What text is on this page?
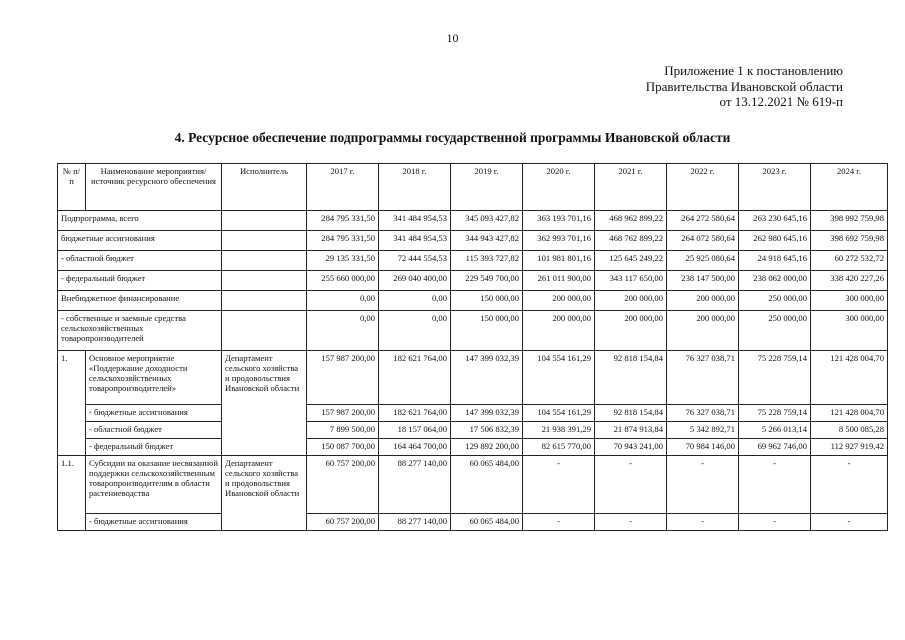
10
Приложение 1 к постановлению
Правительства Ивановской области
от 13.12.2021 № 619-п
4. Ресурсное обеспечение подпрограммы государственной программы Ивановской области
№ п/п	Наименование мероприятия/источник ресурсного обеспечения	Исполнитель	2017 г.	2018 г.	2019 г.	2020 г.	2021 г.	2022 г.	2023 г.	2024 г.
Подпрограмма, всего			284 795 331,50	341 484 954,53	345 093 427,82	363 193 701,16	468 962 899,22	264 272 580,64	263 230 645,16	398 992 759,98
бюджетные ассигнования			284 795 331,50	341 484 954,53	344 943 427,82	362 993 701,16	468 762 899,22	264 072 580,64	262 980 645,16	398 692 759,98
- областной бюджет			29 135 331,50	72 444 554,53	115 393 727,82	101 981 801,16	125 645 249,22	25 925 080,64	24 918 645,16	60 272 532,72
- федеральный бюджет			255 660 000,00	269 040 400,00	229 549 700,00	261 011 900,00	343 117 650,00	238 147 500,00	238 062 000,00	338 420 227,26
Внебюджетное финансирование			0,00	0,00	150 000,00	200 000,00	200 000,00	200 000,00	250 000,00	300 000,00
- собственные и заемные средства сельскохозяйственных товаропроизводителей			0,00	0,00	150 000,00	200 000,00	200 000,00	200 000,00	250 000,00	300 000,00
1.	Основное мероприятие «Поддержание доходности сельскохозяйственных товаропроизводителей»	Департамент сельского хозяйства и продовольствия Ивановской области	157 987 200,00	182 621 764,00	147 399 032,39	104 554 161,29	92 818 154,84	76 327 038,71	75 228 759,14	121 428 004,70
	- бюджетные ассигнования		157 987 200,00	182 621 764,00	147 399 032,39	104 554 161,29	92 818 154,84	76 327 038,71	75 228 759,14	121 428 004,70
	- областной бюджет		7 899 500,00	18 157 064,00	17 506 832,39	21 938 391,29	21 874 913,84	5 342 892,71	5 266 013,14	8 500 085,28
	- федеральный бюджет		150 087 700,00	164 464 700,00	129 892 200,00	82 615 770,00	70 943 241,00	70 984 146,00	69 962 746,00	112 927 919,42
1.1.	Субсидии на оказание несвязанной поддержки сельскохозяйственным товаропроизводителям в области растениеводства	Департамент сельского хозяйства и продовольствия Ивановской области	60 757 200,00	88 277 140,00	60 065 484,00	-	-	-	-	-
	- бюджетные ассигнования		60 757 200,00	88 277 140,00	60 065 484,00	-	-	-	-	-
